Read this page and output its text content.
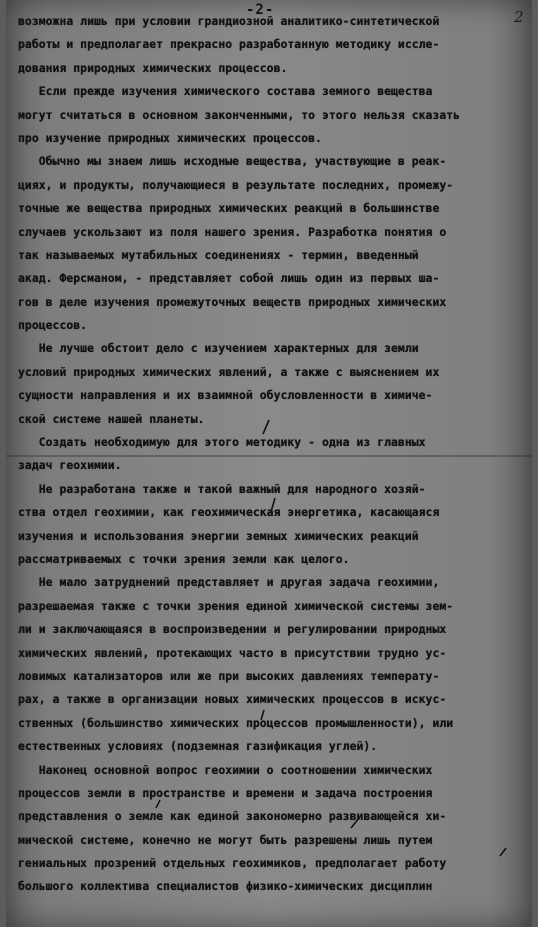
-2-	2
возможна лишь при условии грандиозной аналитико-синтетической
работы и предполагает прекрасно разработанную методику иссле-
дования природных химических процессов.
Если прежде изучения химического состава земного вещества
могут считаться в основном законченными, то этого нельзя сказать
про изучение природных химических процессов.
Обычно мы знаем лишь исходные вещества, участвующие в реак-
циях, и продукты, получающиеся в результате последних, промежу-
точные же вещества природных химических реакций в большинстве
случаев ускользают из поля нашего зрения. Разработка понятия о
так называемых мутабильных соединениях - термин, введенный
акад. Ферсманом, - представляет собой лишь один из первых ша-
гов в деле изучения промежуточных веществ природных химических
процессов.
Не лучше обстоит дело с изучением характерных для земли
условий природных химических явлений, а также с выяснением их
сущности направления и их взаимной обусловленности в химиче-
ской системе нашей планеты.
Создать необходимую для этого методику - одна из главных
задач геохимии.
Не разработана также и такой важный для народного хозяй-
ства отдел геохимии, как геохимическая энергетика, касающаяся
изучения и использования энергии земных химических реакций
рассматриваемых с точки зрения земли как целого.
Не мало затруднений представляет и другая задача геохимии,
разрешаемая также с точки зрения единой химической системы зем-
ли и заключающаяся в воспроизведении и регулировании природных
химических явлений, протекающих часто в присутствии трудно ус-
ловимых катализаторов или же при высоких давлениях температу-
рах, а также в организации новых химических процессов в искус-
ственных (большинство химических процессов промышленности), или
естественных условиях (подземная газификация углей).
Наконец основной вопрос геохимии о соотношении химических
процессов земли в пространстве и времени и задача построения
представления о земле как единой закономерно развивающейся хи-
мической системе, конечно не могут быть разрешены лишь путем
гениальных прозрений отдельных геохимиков, предполагает работу
большого коллектива специалистов физико-химических дисциплин
